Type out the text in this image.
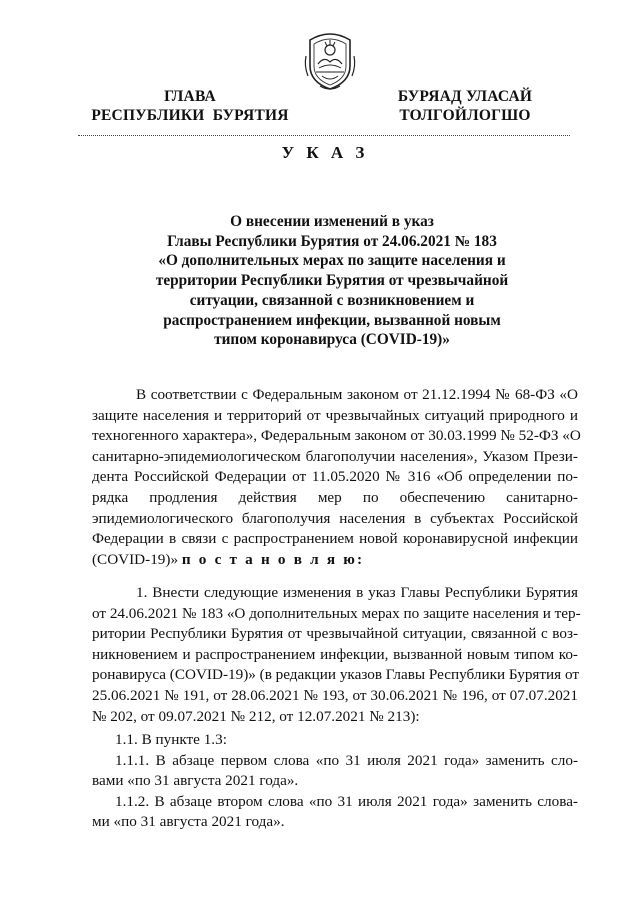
ГЛАВА
РЕСПУБЛИКИ  БУРЯТИЯ
БУРЯАД УЛАСАЙ
ТОЛГОЙЛОГШО
У К А З
О внесении изменений в указ
Главы Республики Бурятия от 24.06.2021 № 183
«О дополнительных мерах по защите населения и
территории Республики Бурятия от чрезвычайной
ситуации, связанной с возникновением и
распространением инфекции, вызванной новым
типом коронавируса (COVID-19)»
В соответствии с Федеральным законом от 21.12.1994 № 68-ФЗ «О
защите населения и территорий от чрезвычайных ситуаций природного и
техногенного характера», Федеральным законом от 30.03.1999 № 52-ФЗ «О
санитарно-эпидемиологическом благополучии населения», Указом Прези-
дента Российской Федерации от 11.05.2020 № 316 «Об определении по-
рядка продления действия мер по обеспечению санитарно-
эпидемиологического благополучия населения в субъектах Российской
Федерации в связи с распространением новой коронавирусной инфекции
(COVID-19)» п о с т а н о в л я ю:
1. Внести следующие изменения в указ Главы Республики Бурятия
от 24.06.2021 № 183 «О дополнительных мерах по защите населения и тер-
ритории Республики Бурятия от чрезвычайной ситуации, связанной с воз-
никновением и распространением инфекции, вызванной новым типом ко-
ронавируса (COVID-19)» (в редакции указов Главы Республики Бурятия от
25.06.2021 № 191, от 28.06.2021 № 193, от 30.06.2021 № 196, от 07.07.2021
№ 202, от 09.07.2021 № 212, от 12.07.2021 № 213):
1.1. В пункте 1.3:
1.1.1. В абзаце первом слова «по 31 июля 2021 года» заменить сло-
вами «по 31 августа 2021 года».
1.1.2. В абзаце втором слова «по 31 июля 2021 года» заменить слова-
ми «по 31 августа 2021 года».
